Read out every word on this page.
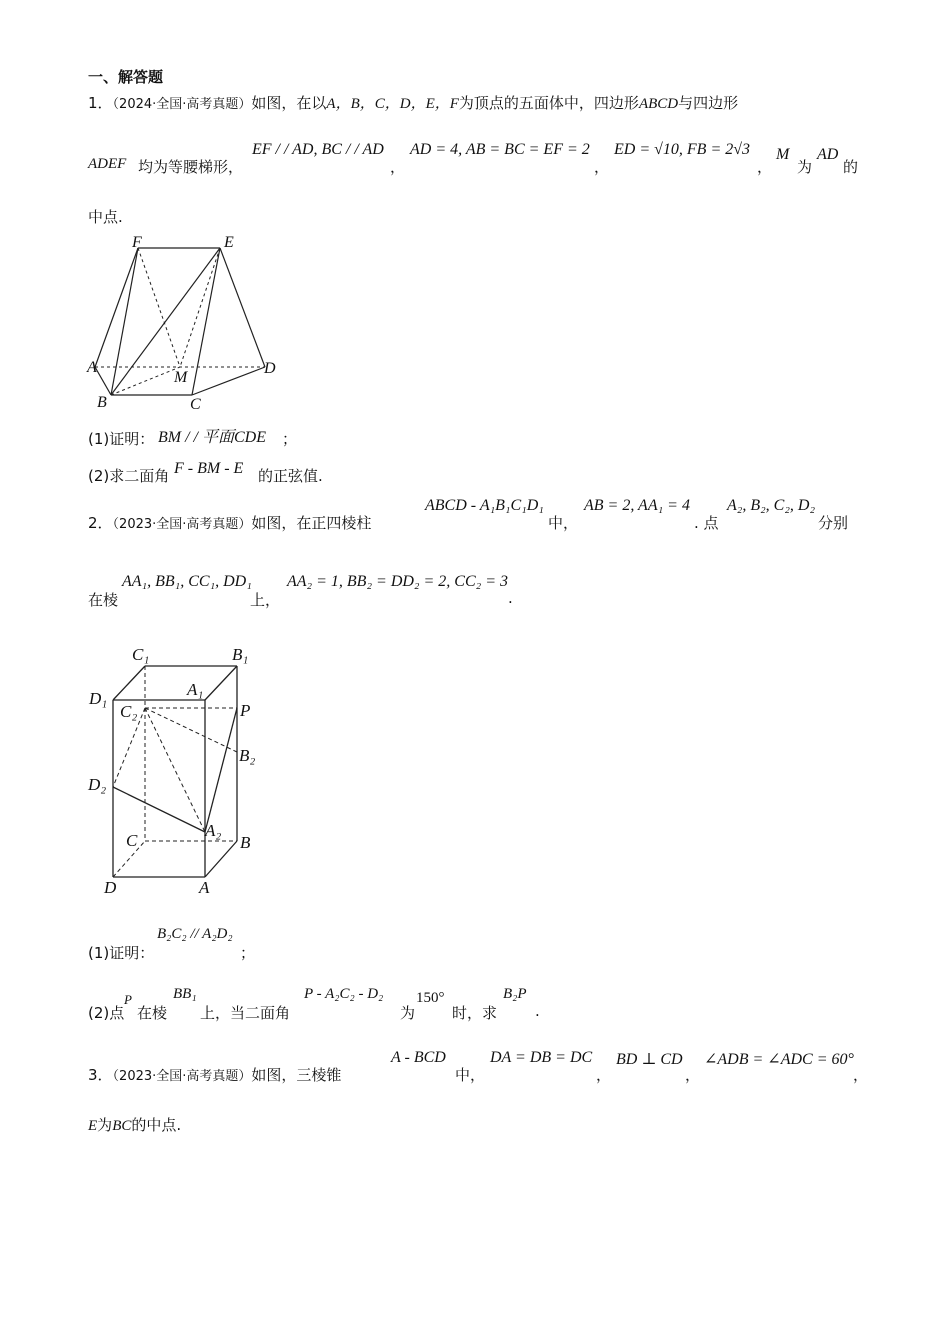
一、解答题
1．（2024·全国·高考真题）如图，在以A，B，C，D，E，F为顶点的五面体中，四边形ABCD与四边形
ADEF 均为等腰梯形，
EF / / AD, BC / / AD
，
AD = 4, AB = BC = EF = 2
，
ED = √10, FB = 2√3
，
M
为
AD
的
中点.
F	E
A
M
D
B	C
(1)证明： BM / / 平面CDE ；
(2)求二面角 F - BM - E 的正弦值.
2．（2023·全国·高考真题）如图，在正四棱柱
ABCD - A₁B₁C₁D₁
中，
AB = 2, AA₁ = 4
. 点
A₂, B₂, C₂, D₂
分别
在棱
AA₁, BB₁, CC₁, DD₁
上，
AA₂ = 1, BB₂ = DD₂ = 2, CC₂ = 3
.
C₁	B₁
A₁
D₁
C₂	P
B₂
D₂
A₂
C	B
D	A
(1)证明：
B₂C₂ // A₂D₂
；
(2)点
P
在棱
BB₁
上，当二面角
P - A₂C₂ - D₂
为
150°
时，求
B₂P
.
3．（2023·全国·高考真题）如图，三棱锥
A - BCD
中，
DA = DB = DC
，
BD ⊥ CD
，
∠ADB = ∠ADC = 60°
，
E为BC的中点.
